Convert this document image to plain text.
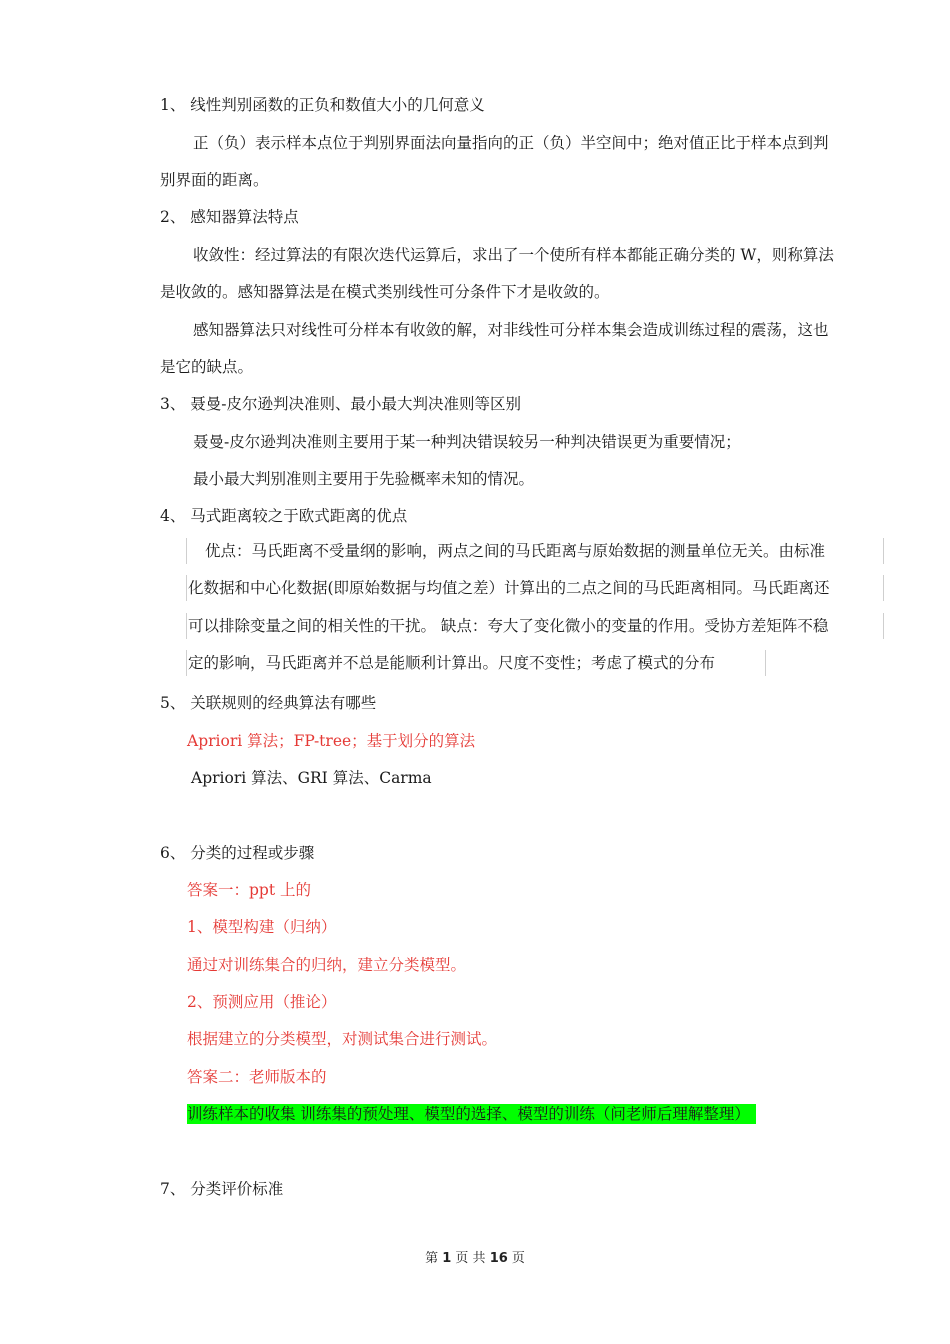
1、 线性判别函数的正负和数值大小的几何意义
正（负）表示样本点位于判别界面法向量指向的正（负）半空间中；绝对值正比于样本点到判
别界面的距离。
2、 感知器算法特点
收敛性：经过算法的有限次迭代运算后，求出了一个使所有样本都能正确分类的 W，则称算法
是收敛的。感知器算法是在模式类别线性可分条件下才是收敛的。
感知器算法只对线性可分样本有收敛的解，对非线性可分样本集会造成训练过程的震荡，这也
是它的缺点。
3、 聂曼-皮尔逊判决准则、最小最大判决准则等区别
聂曼-皮尔逊判决准则主要用于某一种判决错误较另一种判决错误更为重要情况；
最小最大判别准则主要用于先验概率未知的情况。
4、 马式距离较之于欧式距离的优点
优点：马氏距离不受量纲的影响，两点之间的马氏距离与原始数据的测量单位无关。由标准
化数据和中心化数据(即原始数据与均值之差）计算出的二点之间的马氏距离相同。马氏距离还
可以排除变量之间的相关性的干扰。 缺点：夸大了变化微小的变量的作用。受协方差矩阵不稳
定的影响，马氏距离并不总是能顺利计算出。尺度不变性；考虑了模式的分布
5、 关联规则的经典算法有哪些
Apriori 算法；FP-tree；基于划分的算法
Apriori 算法、GRI 算法、Carma
6、 分类的过程或步骤
答案一：ppt 上的
1、模型构建（归纳）
通过对训练集合的归纳，建立分类模型。
2、预测应用（推论）
根据建立的分类模型，对测试集合进行测试。
答案二：老师版本的
训练样本的收集 训练集的预处理、模型的选择、模型的训练（问老师后理解整理）
7、 分类评价标准
第 1 页 共 16 页
